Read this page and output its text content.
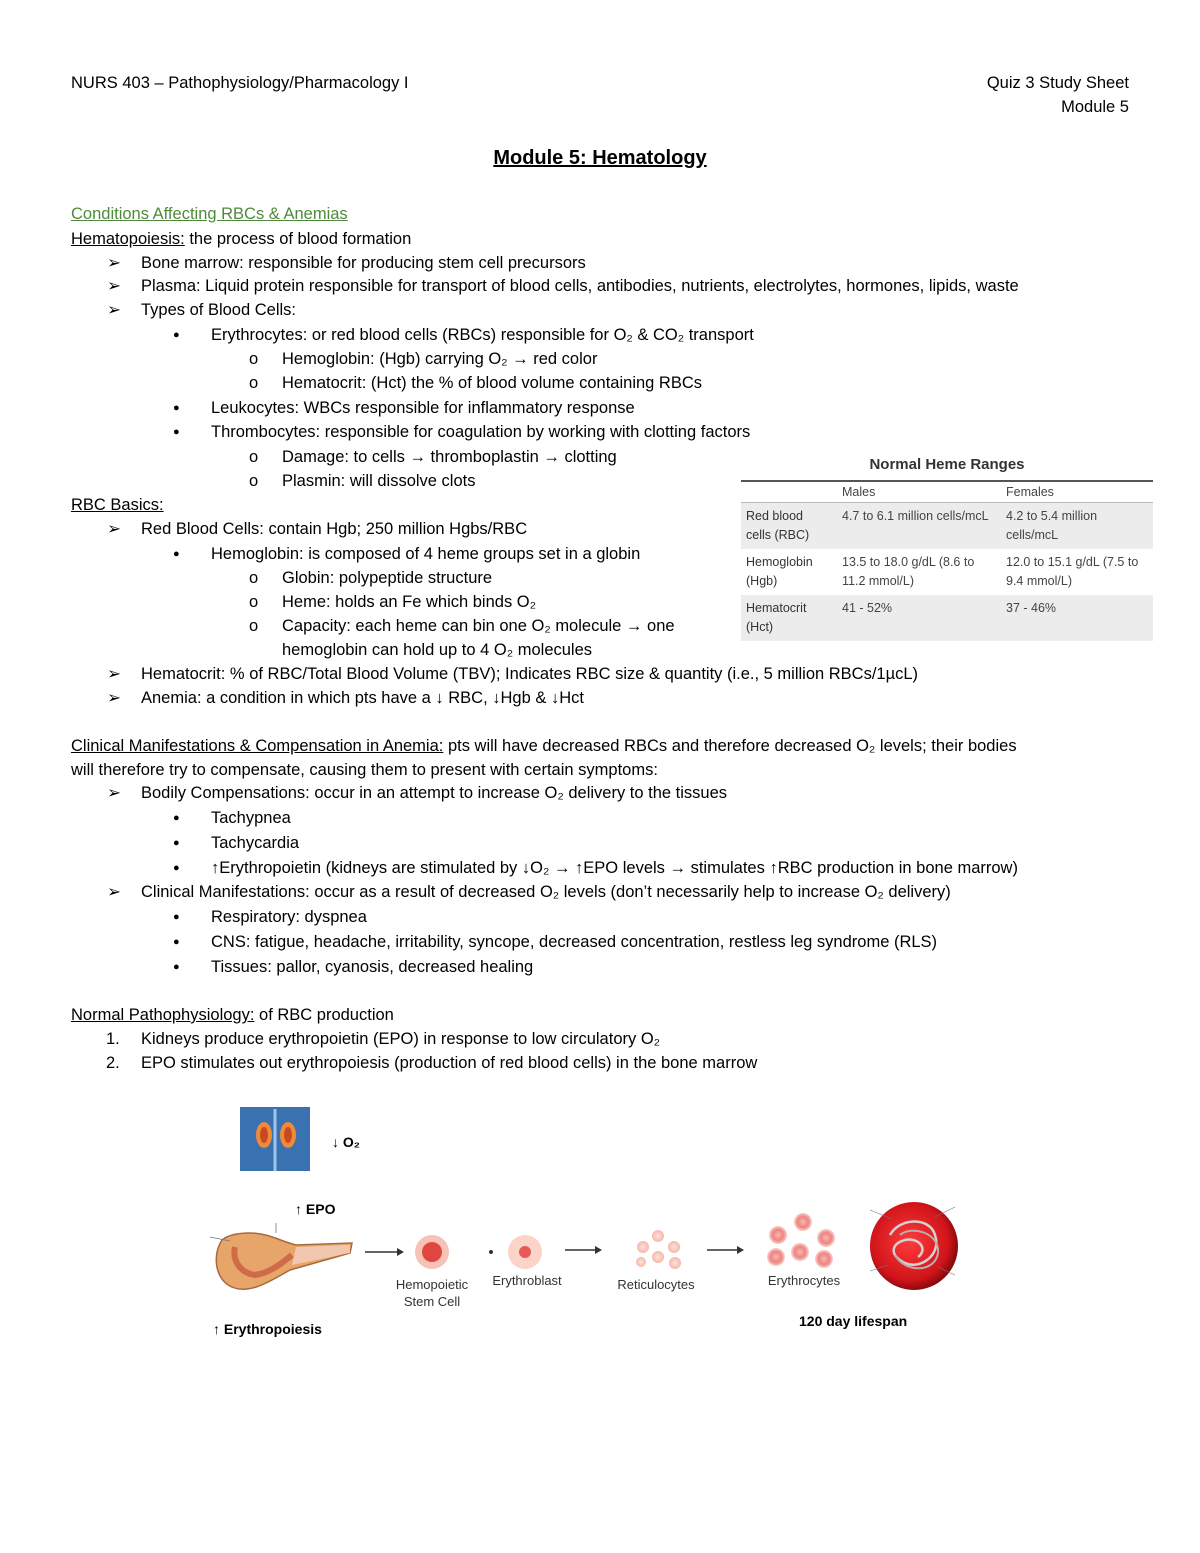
NURS 403 – Pathophysiology/Pharmacology I	Quiz 3 Study Sheet
Module 5
Module 5: Hematology
Conditions Affecting RBCs & Anemias
Hematopoiesis: the process of blood formation
➢ Bone marrow: responsible for producing stem cell precursors
➢ Plasma: Liquid protein responsible for transport of blood cells, antibodies, nutrients, electrolytes, hormones, lipids, waste
➢ Types of Blood Cells:
● Erythrocytes: or red blood cells (RBCs) responsible for O₂ & CO₂ transport
o Hemoglobin: (Hgb) carrying O₂ → red color
o Hematocrit: (Hct) the % of blood volume containing RBCs
● Leukocytes: WBCs responsible for inflammatory response
● Thrombocytes: responsible for coagulation by working with clotting factors
o Damage: to cells → thromboplastin → clotting
o Plasmin: will dissolve clots
RBC Basics:
➢ Red Blood Cells: contain Hgb; 250 million Hgbs/RBC
● Hemoglobin: is composed of 4 heme groups set in a globin
o Globin: polypeptide structure
o Heme: holds an Fe which binds O₂
o Capacity: each heme can bin one O₂ molecule → one
hemoglobin can hold up to 4 O₂ molecules
➢ Hematocrit: % of RBC/Total Blood Volume (TBV); Indicates RBC size & quantity (i.e., 5 million RBCs/1µcL)
➢ Anemia: a condition in which pts have a ↓ RBC, ↓Hgb & ↓Hct
Normal Heme Ranges
	Males	Females
Red blood
cells (RBC)	4.7 to 6.1 million cells/mcL	4.2 to 5.4 million
cells/mcL
Hemoglobin
(Hgb)	13.5 to 18.0 g/dL (8.6 to
11.2 mmol/L)	12.0 to 15.1 g/dL (7.5 to
9.4 mmol/L)
Hematocrit
(Hct)	41 - 52%	37 - 46%
Clinical Manifestations & Compensation in Anemia: pts will have decreased RBCs and therefore decreased O₂ levels; their bodies
will therefore try to compensate, causing them to present with certain symptoms:
➢ Bodily Compensations: occur in an attempt to increase O₂ delivery to the tissues
● Tachypnea
● Tachycardia
● ↑Erythropoietin (kidneys are stimulated by ↓O₂ → ↑EPO levels → stimulates ↑RBC production in bone marrow)
➢ Clinical Manifestations: occur as a result of decreased O₂ levels (don’t necessarily help to increase O₂ delivery)
● Respiratory: dyspnea
● CNS: fatigue, headache, irritability, syncope, decreased concentration, restless leg syndrome (RLS)
● Tissues: pallor, cyanosis, decreased healing
Normal Pathophysiology: of RBC production
1. Kidneys produce erythropoietin (EPO) in response to low circulatory O₂
2. EPO stimulates out erythropoiesis (production of red blood cells) in the bone marrow
↓ O₂
↑ EPO
↑ Erythropoiesis
Hemopoietic
Stem Cell
Erythroblast	Reticulocytes	Erythrocytes
120 day lifespan
